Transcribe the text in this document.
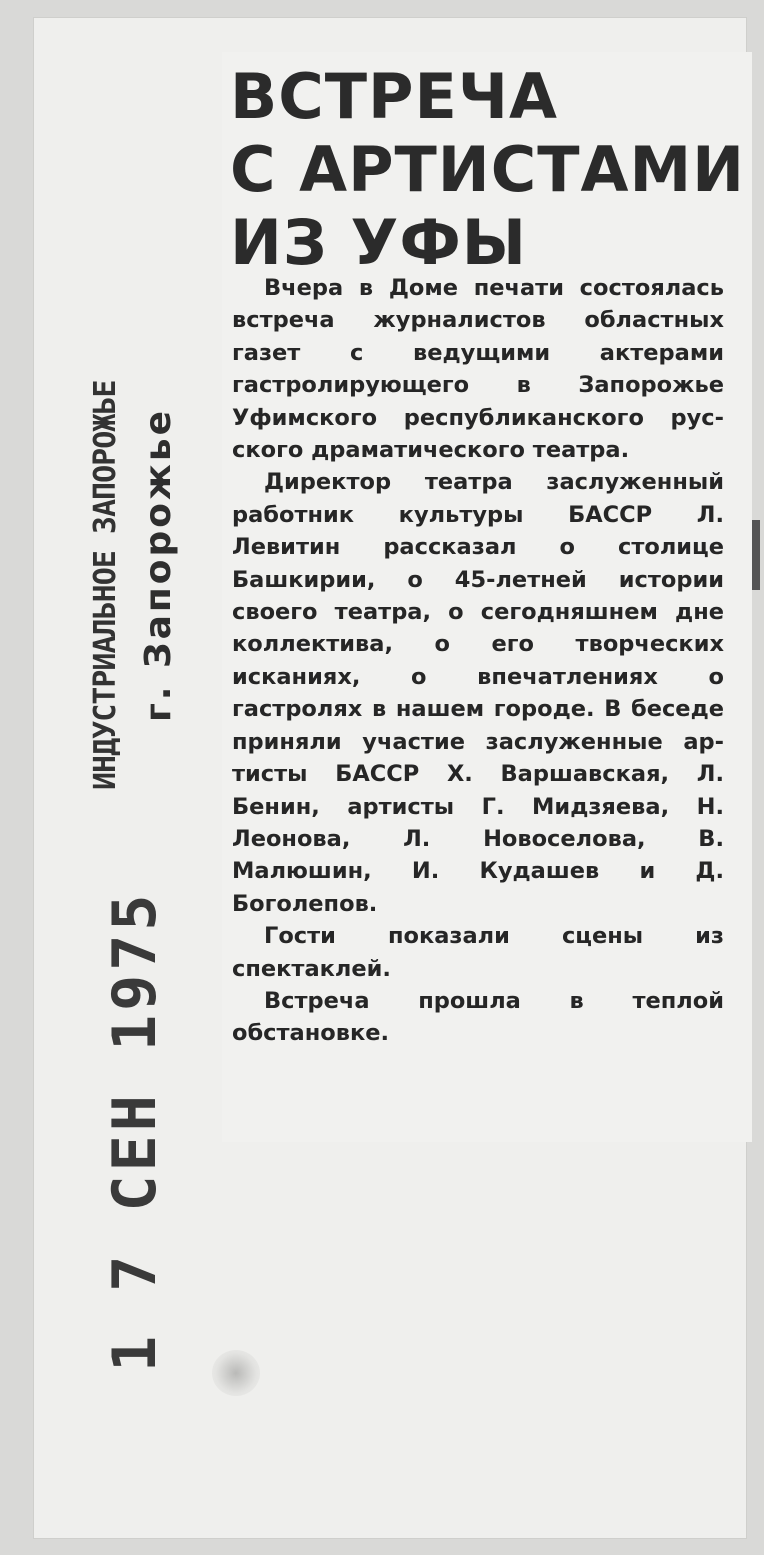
ВСТРЕЧА
С АРТИСТАМИ
ИЗ УФЫ

Вчера в Доме печати состоялась встреча журналистов областных газет с ведущими актерами гастролирующего в Запорожье Уфимского республиканского русского драматического театра.

Директор театра заслуженный работник культуры БАССР Л. Левитин рассказал о столице Башкирии, о 45-летней истории своего театра, о сегодняшнем дне коллектива, о его творческих исканиях, о впечатлениях о гастролях в нашем городе. В беседе приняли участие заслуженные артисты БАССР Х. Варшавская, Л. Бенин, артисты Г. Мидзяева, Н. Леонова, Л. Новоселова, В. Малюшин, И. Кудашев и Д. Боголепов.

Гости показали сцены из спектаклей.

Встреча прошла в теплой обстановке.

ИНДУСТРИАЛЬНОЕ ЗАПОРОЖЬЕ г. Запорожье
1 7 СЕН 1975
